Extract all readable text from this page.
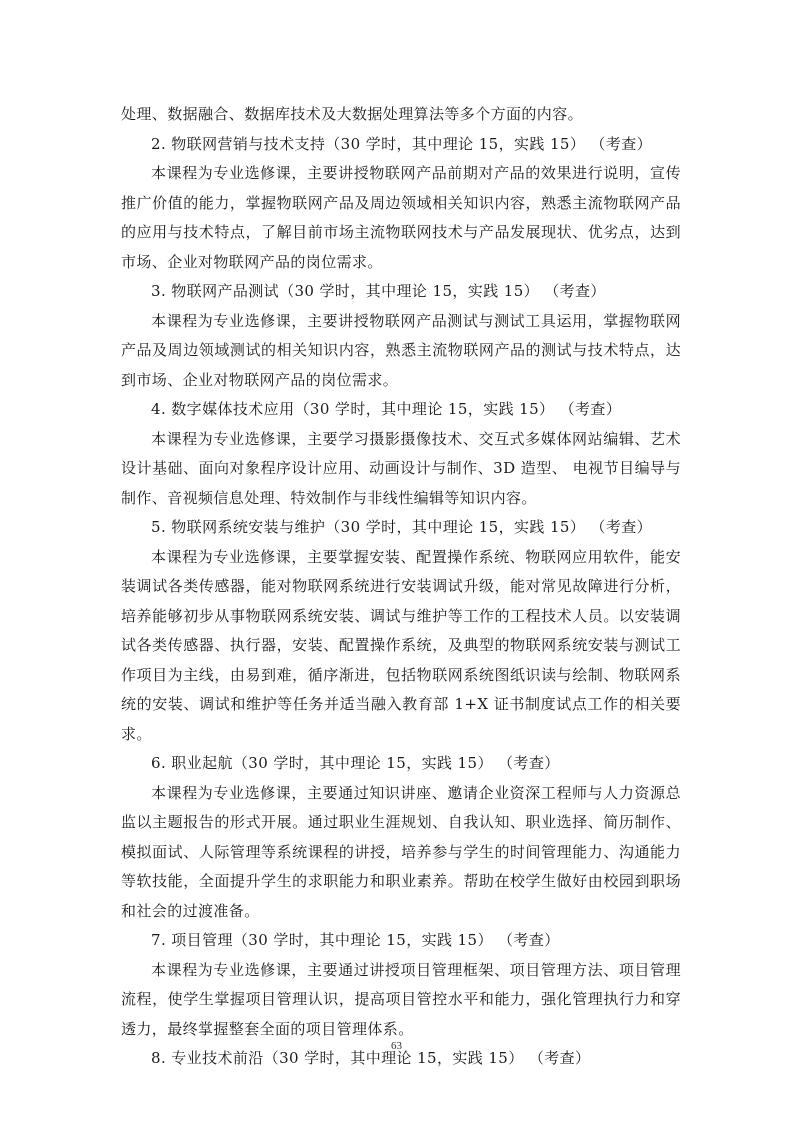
处理、数据融合、数据库技术及大数据处理算法等多个方面的内容。

2. 物联网营销与技术支持（30 学时，其中理论 15，实践 15） （考查）

本课程为专业选修课，主要讲授物联网产品前期对产品的效果进行说明，宣传推广价值的能力，掌握物联网产品及周边领域相关知识内容，熟悉主流物联网产品的应用与技术特点，了解目前市场主流物联网技术与产品发展现状、优劣点，达到市场、企业对物联网产品的岗位需求。

3. 物联网产品测试（30 学时，其中理论 15，实践 15） （考查）

本课程为专业选修课，主要讲授物联网产品测试与测试工具运用，掌握物联网产品及周边领域测试的相关知识内容，熟悉主流物联网产品的测试与技术特点，达到市场、企业对物联网产品的岗位需求。

4. 数字媒体技术应用（30 学时，其中理论 15，实践 15） （考查）

本课程为专业选修课，主要学习摄影摄像技术、交互式多媒体网站编辑、艺术设计基础、面向对象程序设计应用、动画设计与制作、3D 造型、 电视节目编导与制作、音视频信息处理、特效制作与非线性编辑等知识内容。

5. 物联网系统安装与维护（30 学时，其中理论 15，实践 15） （考查）

本课程为专业选修课，主要掌握安装、配置操作系统、物联网应用软件，能安装调试各类传感器，能对物联网系统进行安装调试升级，能对常见故障进行分析，培养能够初步从事物联网系统安装、调试与维护等工作的工程技术人员。以安装调试各类传感器、执行器，安装、配置操作系统，及典型的物联网系统安装与测试工作项目为主线，由易到难，循序渐进，包括物联网系统图纸识读与绘制、物联网系统的安装、调试和维护等任务并适当融入教育部 1+X 证书制度试点工作的相关要求。

6. 职业起航（30 学时，其中理论 15，实践 15） （考查）

本课程为专业选修课，主要通过知识讲座、邀请企业资深工程师与人力资源总监以主题报告的形式开展。通过职业生涯规划、自我认知、职业选择、简历制作、模拟面试、人际管理等系统课程的讲授，培养参与学生的时间管理能力、沟通能力等软技能，全面提升学生的求职能力和职业素养。帮助在校学生做好由校园到职场和社会的过渡准备。

7. 项目管理（30 学时，其中理论 15，实践 15） （考查）

本课程为专业选修课，主要通过讲授项目管理框架、项目管理方法、项目管理流程，使学生掌握项目管理认识，提高项目管控水平和能力，强化管理执行力和穿透力，最终掌握整套全面的项目管理体系。

8. 专业技术前沿（30 学时，其中理论 15，实践 15） （考查）

63
